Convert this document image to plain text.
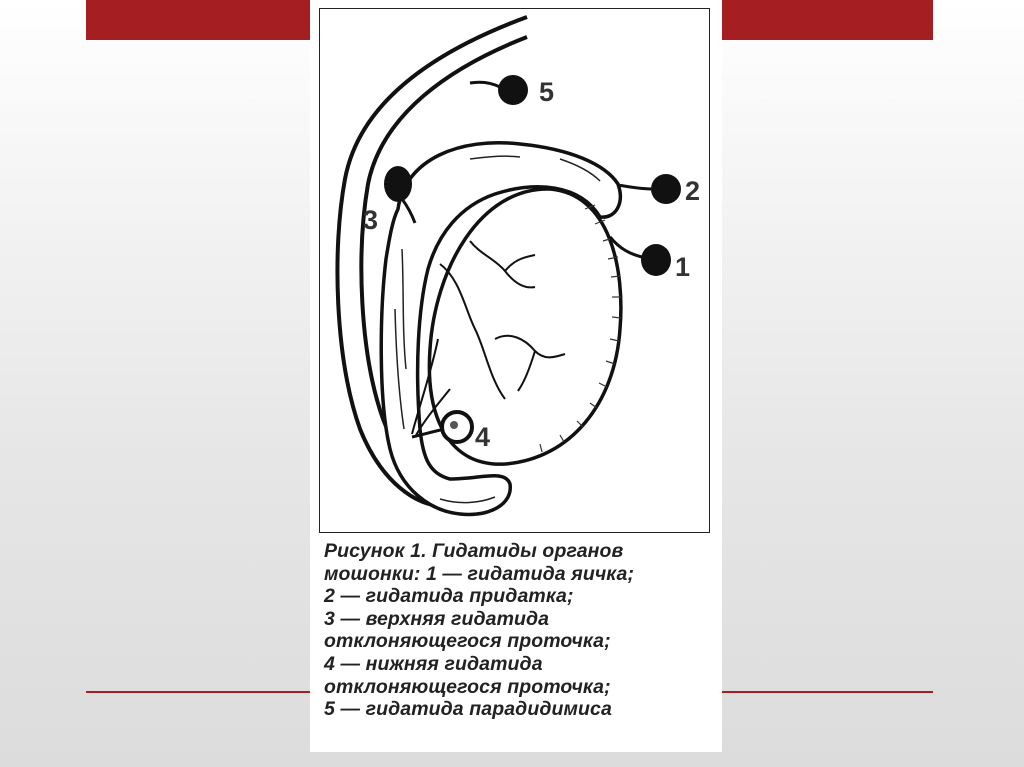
1
2
3
4
5
Рисунок 1. Гидатиды органов
мошонки: 1 — гидатида яичка;
2 — гидатида придатка;
3 — верхняя гидатида
отклоняющегося проточка;
4 — нижняя гидатида
отклоняющегося проточка;
5 — гидатида парадидимиса
